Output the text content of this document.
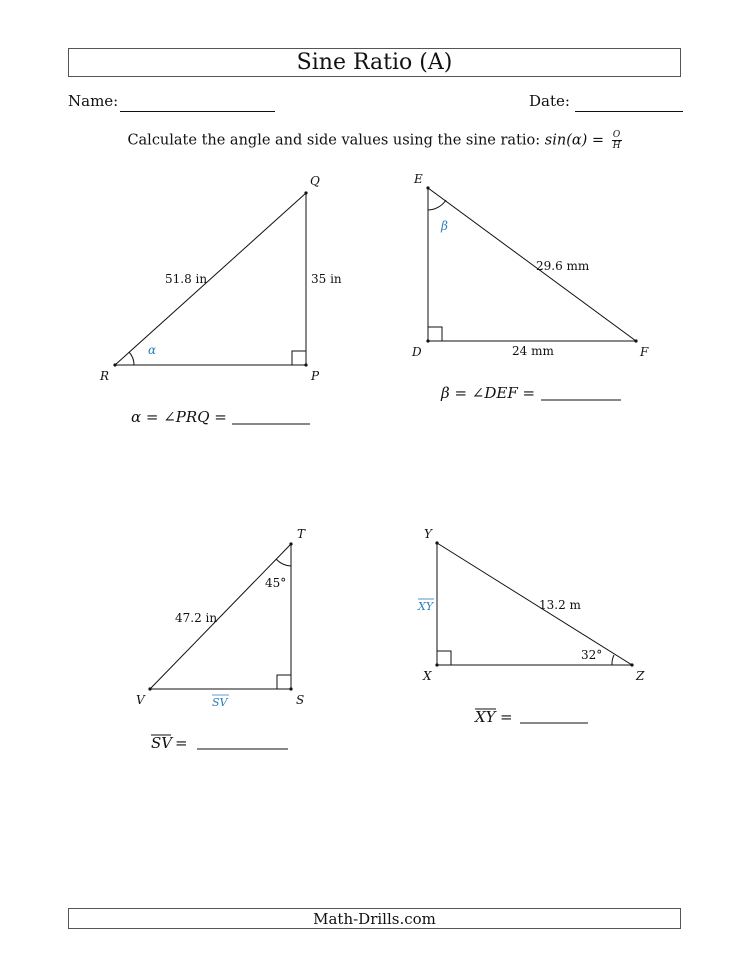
Sine Ratio (A)
Name:	Date:
Calculate the angle and side values using the sine ratio: $\sin(\alpha) = \frac{O}{H}$
Q
R	P
51.8 in	35 in
α
α = ∠PRQ =
E
D	F
29.6 mm
24 mm
β
β = ∠DEF =
T
V	S
47.2 in
45°
SV
SV =
Y
X	Z
13.2 m
32°
XY
XY =
Math-Drills.com
